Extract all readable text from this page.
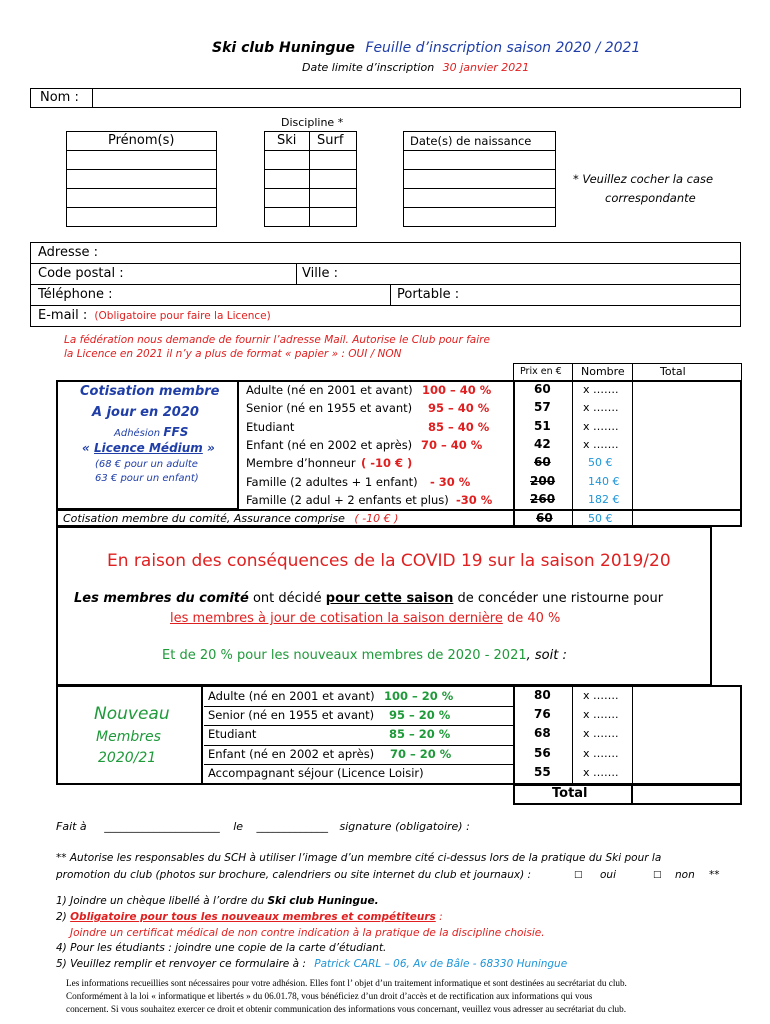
Ski club Huningue Feuille d’inscription saison 2020 / 2021
Date limite d’inscription 30 janvier 2021
Nom :
Discipline *
Prénom(s)	Ski Surf	Date(s) de naissance
* Veuillez cocher la case
correspondante
Adresse :
Code postal :	Ville :
Téléphone :	Portable :
E-mail : (Obligatoire pour faire la Licence)
La fédération nous demande de fournir l’adresse Mail. Autorise le Club pour faire
la Licence en 2021 il n’y a plus de format « papier » : OUI / NON
Prix en € Nombre	Total
Cotisation membre
A jour en 2020
Adhésion FFS
« Licence Médium »
(68 € pour un adulte
63 € pour un enfant)
Adulte (né en 2001 et avant) 100 – 40 %	60	x …….
Senior (né en 1955 et avant) 95 – 40 %	57	x …….
Etudiant	85 – 40 %	51	x …….
Enfant (né en 2002 et après) 70 – 40 %	42	x …….
Membre d’honneur ( -10 € )	60	50 €
Famille (2 adultes + 1 enfant) - 30 %	200	140 €
Famille (2 adul + 2 enfants et plus) -30 %	260	182 €
Cotisation membre du comité, Assurance comprise ( -10 € )	60	50 €
En raison des conséquences de la COVID 19 sur la saison 2019/20
Les membres du comité ont décidé pour cette saison de concéder une ristourne pour
les membres à jour de cotisation la saison dernière de 40 %
Et de 20 % pour les nouveaux membres de 2020 - 2021, soit :
Nouveau
Membres
2020/21
Adulte (né en 2001 et avant) 100 – 20 %	80	x …….
Senior (né en 1955 et avant) 95 – 20 %	76	x …….
Etudiant	85 – 20 %	68	x …….
Enfant (né en 2002 et après) 70 – 20 %	56	x …….
Accompagnant séjour (Licence Loisir)	55	x …….
Total
Fait à _____________________ le _____________ signature (obligatoire) :
** Autorise les responsables du SCH à utiliser l’image d’un membre cité ci-dessus lors de la pratique du Ski pour la
promotion du club (photos sur brochure, calendriers ou site internet du club et journaux) :	□ oui	□ non **
1) Joindre un chèque libellé à l’ordre du Ski club Huningue.
2) Obligatoire pour tous les nouveaux membres et compétiteurs :
Joindre un certificat médical de non contre indication à la pratique de la discipline choisie.
4) Pour les étudiants : joindre une copie de la carte d’étudiant.
5) Veuillez remplir et renvoyer ce formulaire à : Patrick CARL – 06, Av de Bâle - 68330 Huningue
Les informations recueillies sont nécessaires pour votre adhésion. Elles font l’ objet d’un traitement informatique et sont destinées au secrétariat du club.
Conformément à la loi « informatique et libertés » du 06.01.78, vous bénéficiez d’un droit d’accès et de rectification aux informations qui vous
concernent. Si vous souhaitez exercer ce droit et obtenir communication des informations vous concernant, veuillez vous adresser au secrétariat du club.
